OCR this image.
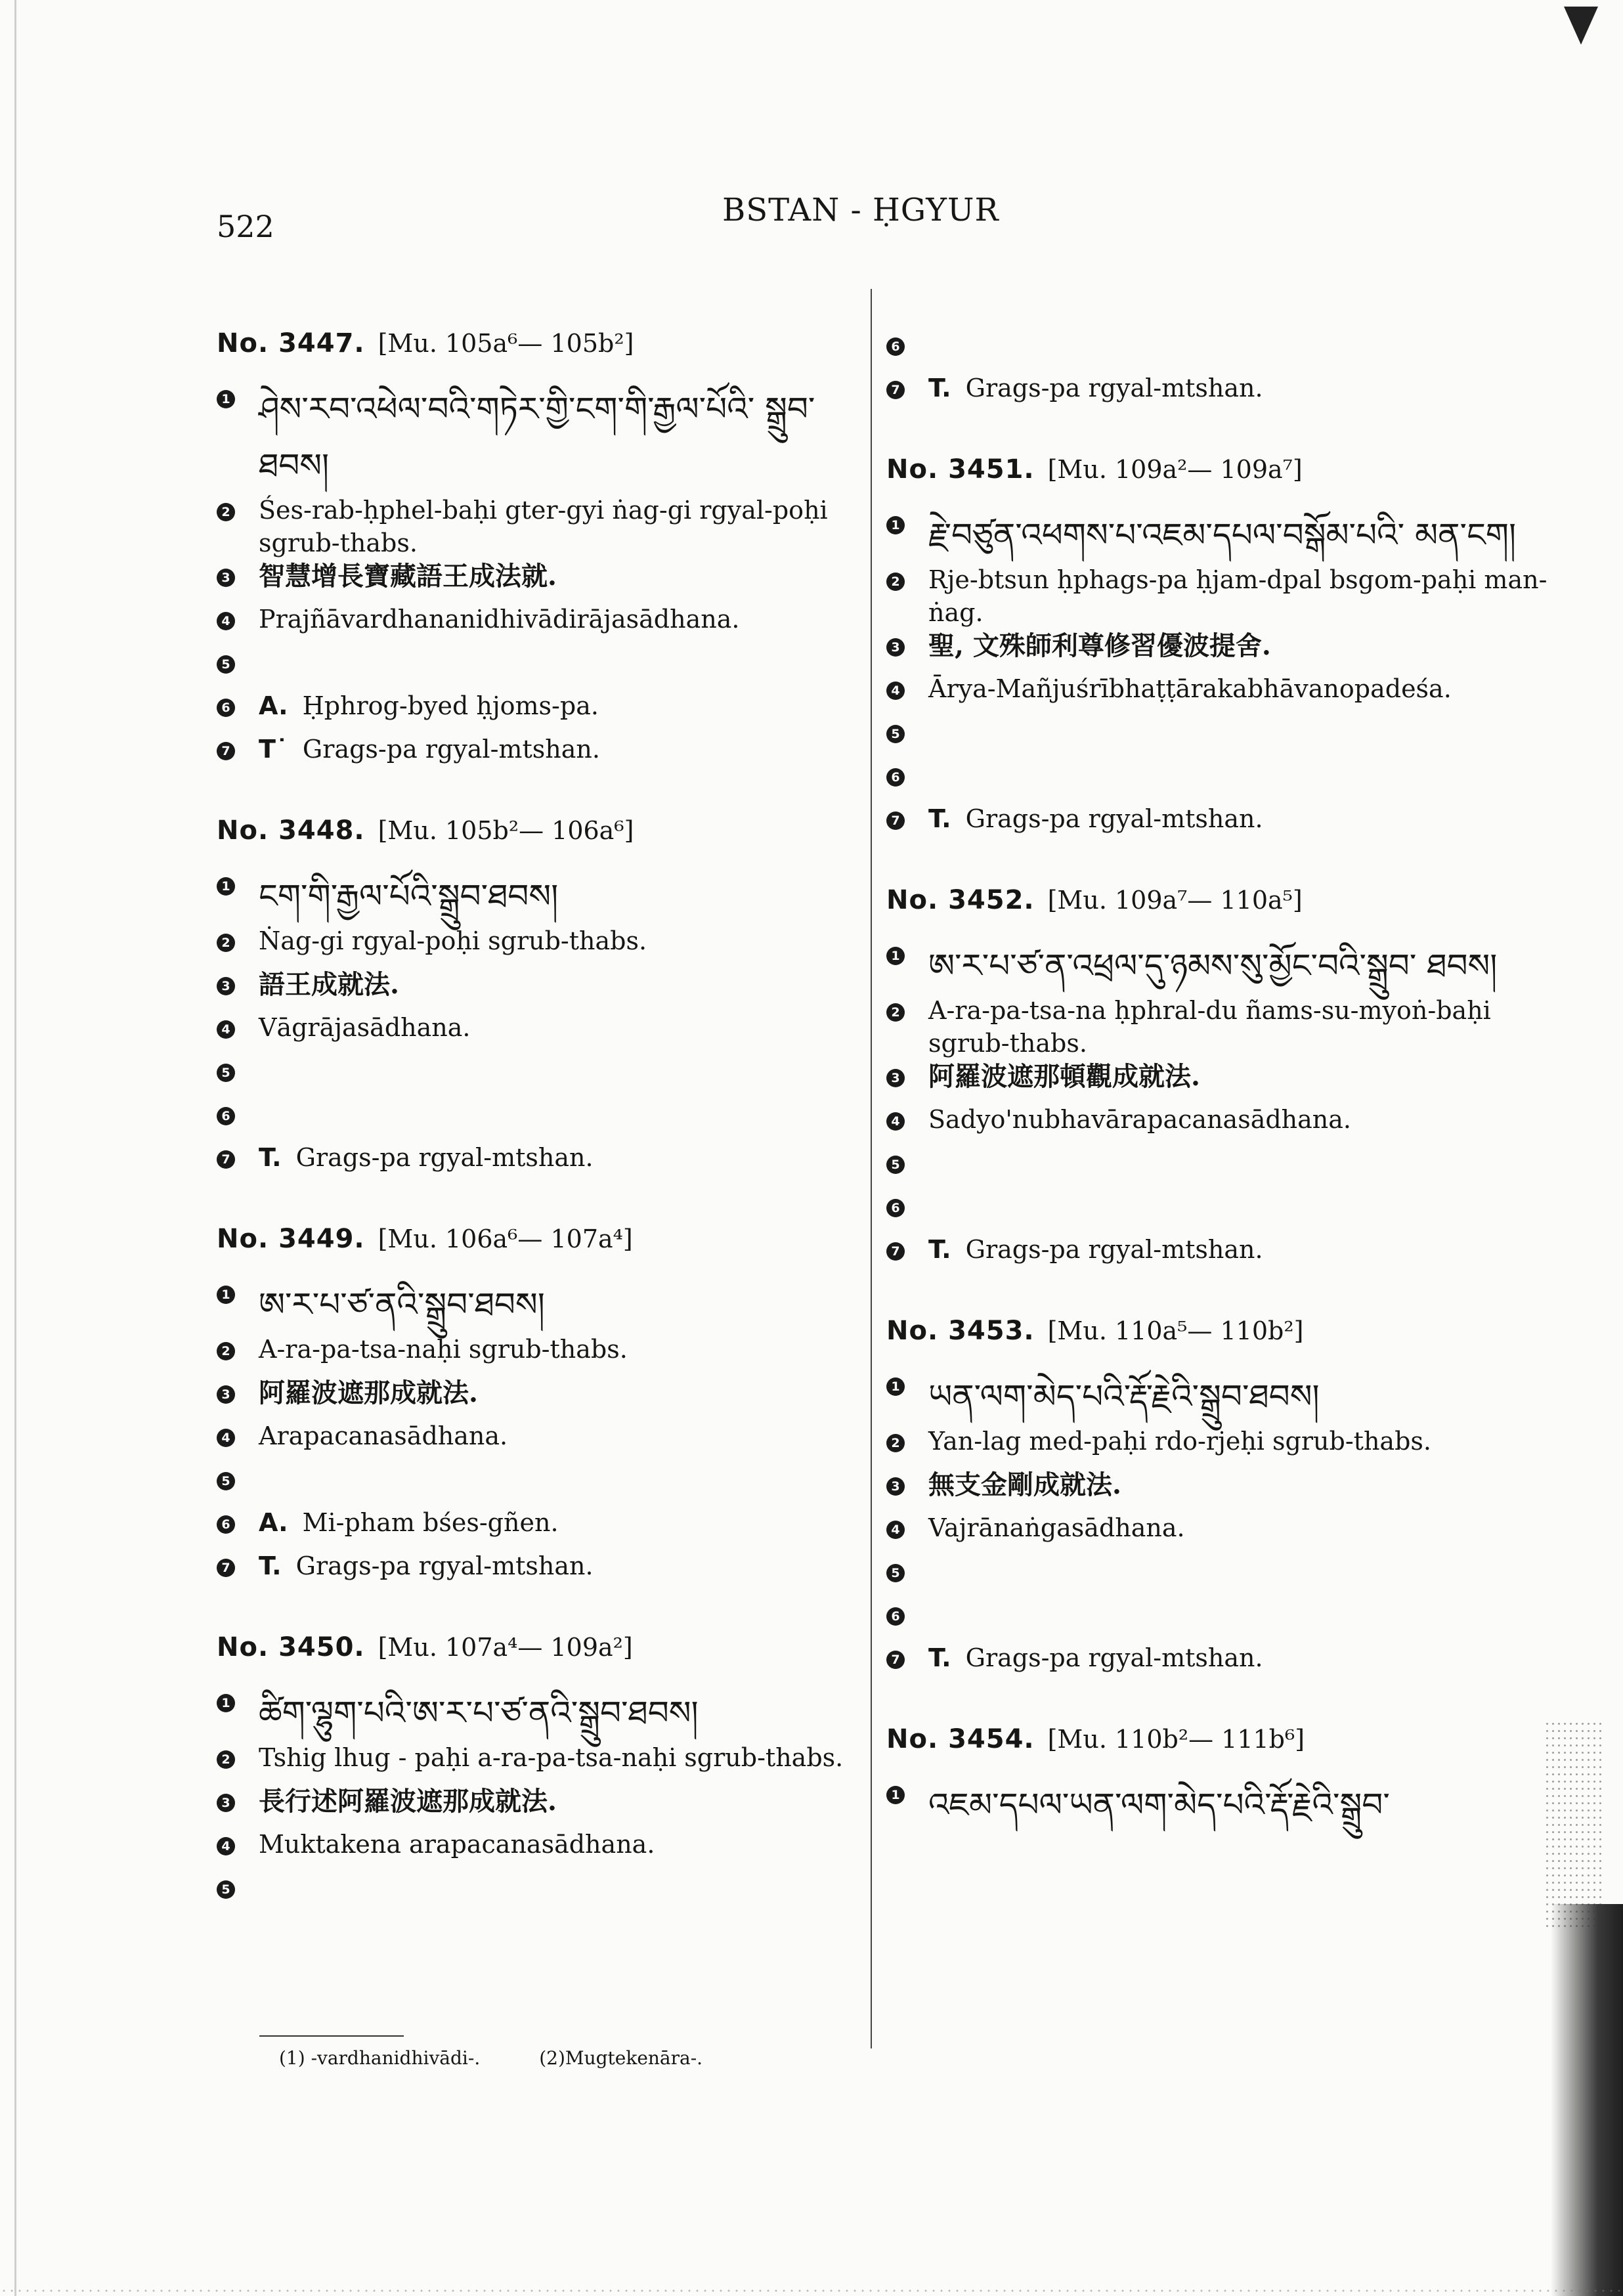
522	BSTAN - ḤGYUR
No. 3447. [Mu. 105a⁶— 105b²]
1 ཤེས་རབ་འཕེལ་བའི་གཏེར་གྱི་ངག་གི་རྒྱལ་པོའི་ སྒྲུབ་ཐབས།
2 Śes-rab-ḥphel-baḥi gter-gyi ṅag-gi rgyal-poḥi sgrub-thabs.
3 智慧增長寶藏語王成法就.
4 Prajñāvardhananidhivādirājasādhana.
5
6 A. Ḥphrog-byed ḥjoms-pa.
7 T˙ Grags-pa rgyal-mtshan.
No. 3448. [Mu. 105b²— 106a⁶]
1 ངག་གི་རྒྱལ་པོའི་སྒྲུབ་ཐབས།
2 Ṅag-gi rgyal-poḥi sgrub-thabs.
3 語王成就法.
4 Vāgrājasādhana.
5
6
7 T. Grags-pa rgyal-mtshan.
No. 3449. [Mu. 106a⁶— 107a⁴]
1 ཨ་ར་པ་ཙ་ནའི་སྒྲུབ་ཐབས།
2 A-ra-pa-tsa-naḥi sgrub-thabs.
3 阿羅波遮那成就法.
4 Arapacanasādhana.
5
6 A. Mi-pham bśes-gñen.
7 T. Grags-pa rgyal-mtshan.
No. 3450. [Mu. 107a⁴— 109a²]
1 ཚིག་ལྷུག་པའི་ཨ་ར་པ་ཙ་ནའི་སྒྲུབ་ཐབས།
2 Tshig lhug - paḥi a-ra-pa-tsa-naḥi sgrub-thabs.
3 長行述阿羅波遮那成就法.
4 Muktakena arapacanasādhana.
5
6
7 T. Grags-pa rgyal-mtshan.
No. 3451. [Mu. 109a²— 109a⁷]
1 རྗེ་བཙུན་འཕགས་པ་འཇམ་དཔལ་བསྒོམ་པའི་ མན་ངག།
2 Rje-btsun ḥphags-pa ḥjam-dpal bsgom-paḥi man-ṅag.
3 聖, 文殊師利尊修習優波提舍.
4 Ārya-Mañjuśrībhaṭṭārakabhāvanopadeśa.
5
6
7 T. Grags-pa rgyal-mtshan.
No. 3452. [Mu. 109a⁷— 110a⁵]
1 ཨ་ར་པ་ཙ་ན་འཕྲལ་དུ་ཉམས་སུ་མྱོང་བའི་སྒྲུབ་ ཐབས།
2 A-ra-pa-tsa-na ḥphral-du ñams-su-myoṅ-baḥi sgrub-thabs.
3 阿羅波遮那頓觀成就法.
4 Sadyo'nubhavārapacanasādhana.
5
6
7 T. Grags-pa rgyal-mtshan.
No. 3453. [Mu. 110a⁵— 110b²]
1 ཡན་ལག་མེད་པའི་རྡོ་རྗེའི་སྒྲུབ་ཐབས།
2 Yan-lag med-paḥi rdo-rjeḥi sgrub-thabs.
3 無支金剛成就法.
4 Vajrānaṅgasādhana.
5
6
7 T. Grags-pa rgyal-mtshan.
No. 3454. [Mu. 110b²— 111b⁶]
1 འཇམ་དཔལ་ཡན་ལག་མེད་པའི་རྡོ་རྗེའི་སྒྲུབ་
(1) -vardhanidhivādi-.	(2)Mugtekenāra-.
